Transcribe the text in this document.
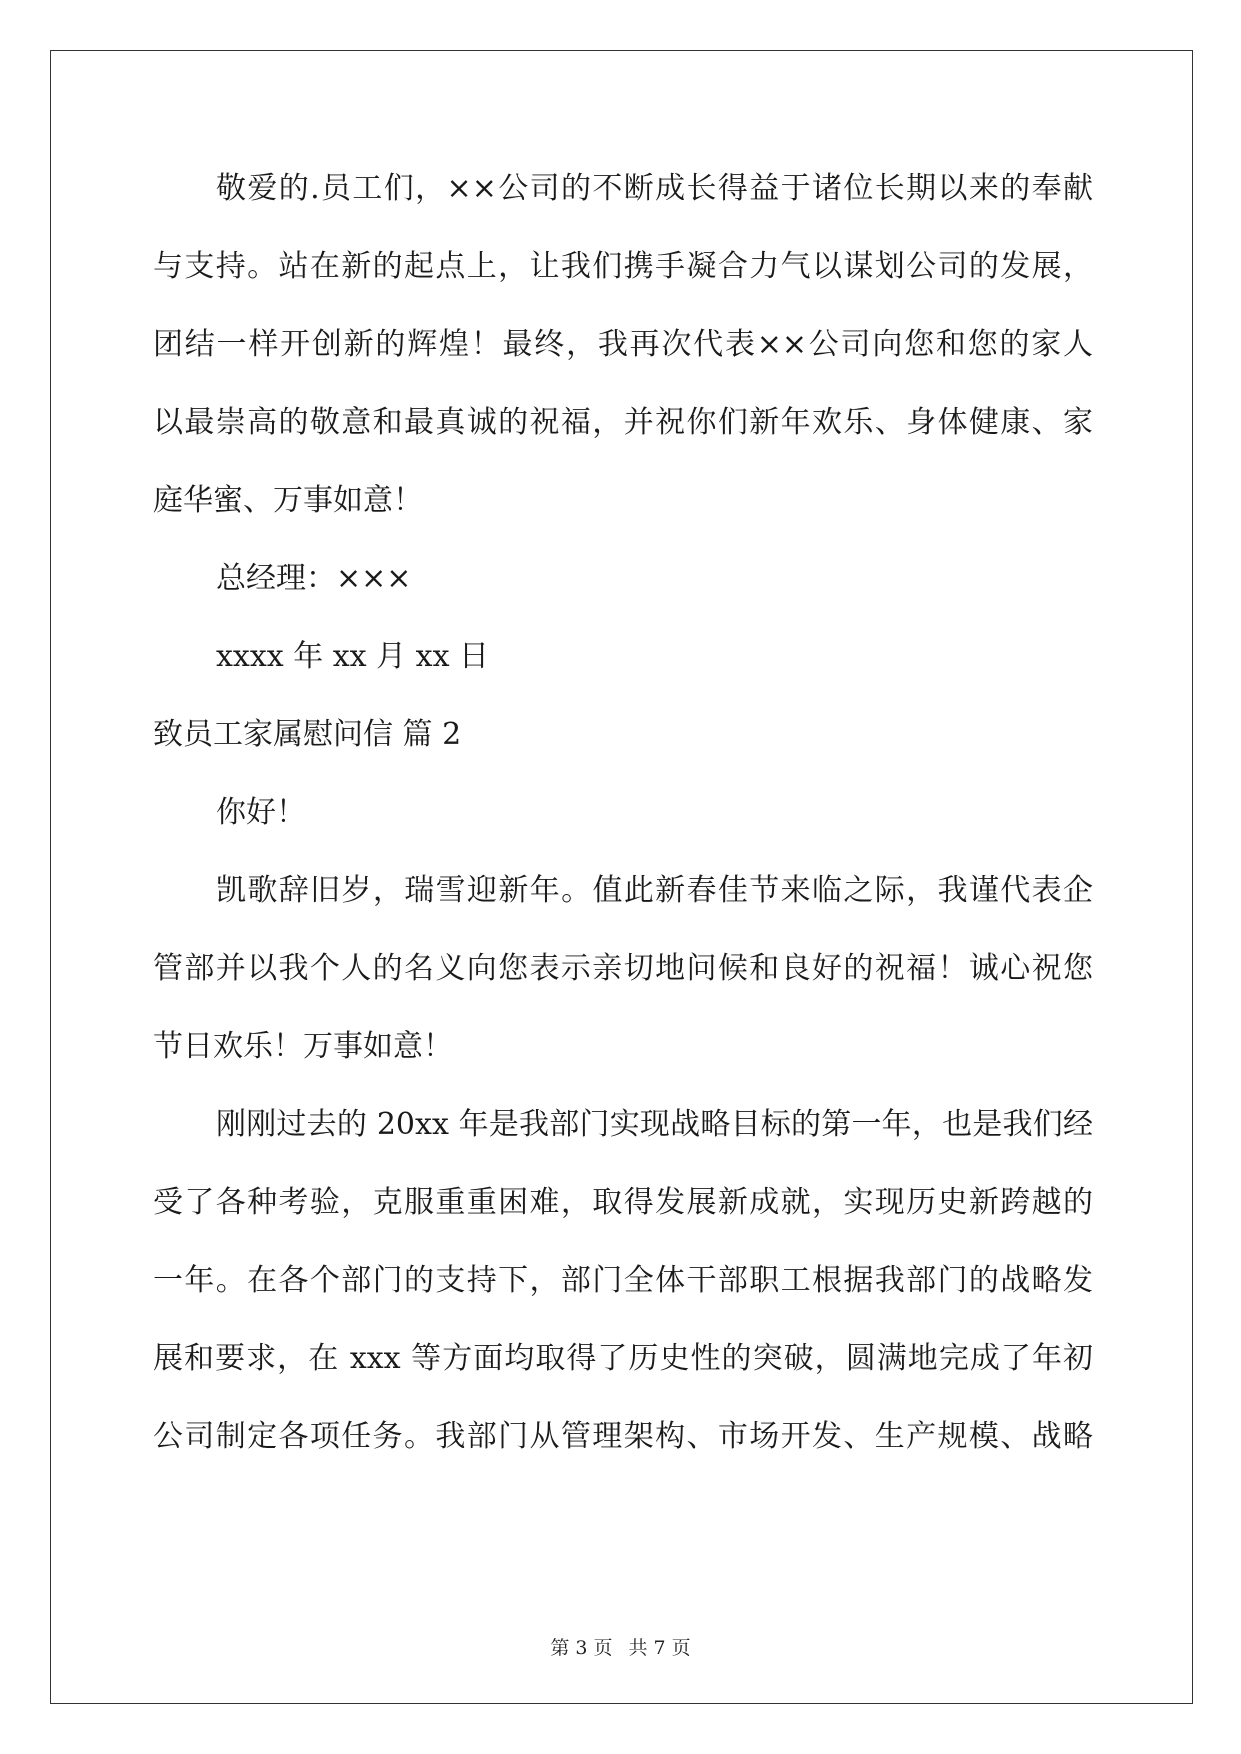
敬爱的.员工们，××公司的不断成长得益于诸位长期以来的奉献
与支持。站在新的起点上，让我们携手凝合力气以谋划公司的发展，
团结一样开创新的辉煌！最终，我再次代表××公司向您和您的家人
以最崇高的敬意和最真诚的祝福，并祝你们新年欢乐、身体健康、家
庭华蜜、万事如意！
总经理：×××
xxxx 年 xx 月 xx 日
致员工家属慰问信 篇 2
你好！
凯歌辞旧岁，瑞雪迎新年。值此新春佳节来临之际，我谨代表企
管部并以我个人的名义向您表示亲切地问候和良好的祝福！诚心祝您
节日欢乐！万事如意！
刚刚过去的 20xx 年是我部门实现战略目标的第一年，也是我们经
受了各种考验，克服重重困难，取得发展新成就，实现历史新跨越的
一年。在各个部门的支持下，部门全体干部职工根据我部门的战略发
展和要求，在 xxx 等方面均取得了历史性的突破，圆满地完成了年初
公司制定各项任务。我部门从管理架构、市场开发、生产规模、战略
第 3 页 共 7 页
